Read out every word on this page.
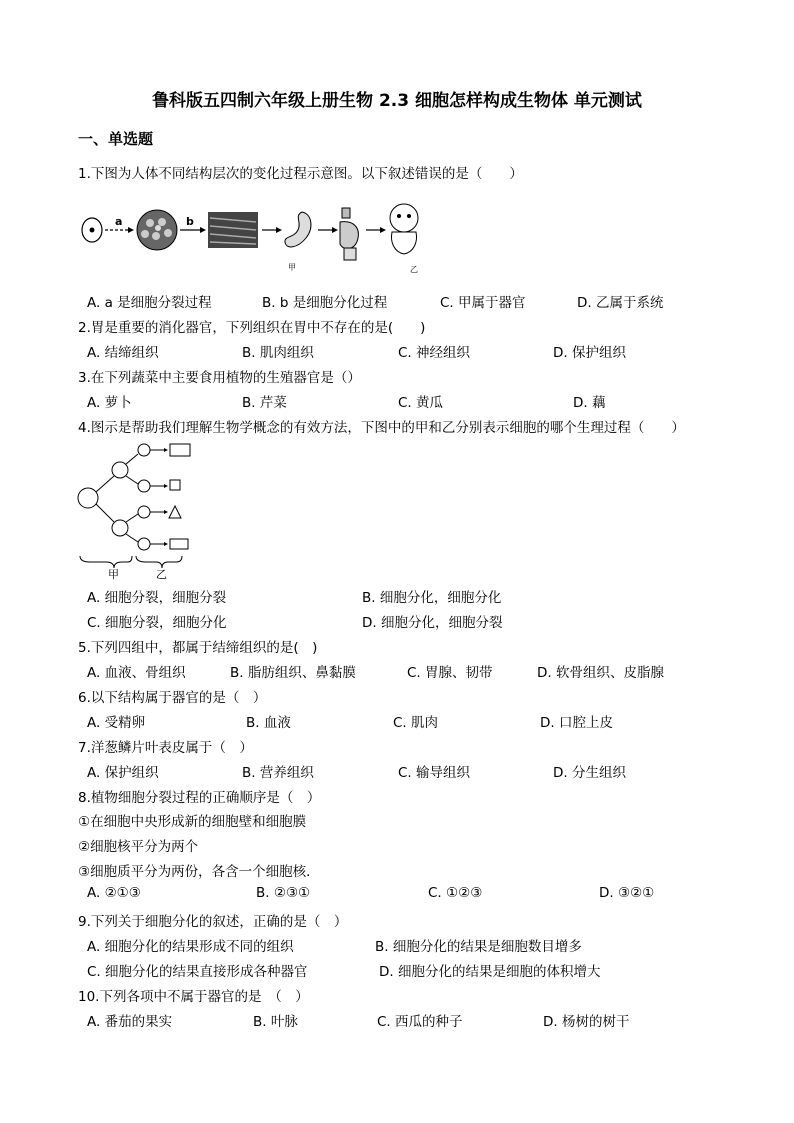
鲁科版五四制六年级上册生物 2.3 细胞怎样构成生物体 单元测试
一、单选题
1.下图为人体不同结构层次的变化过程示意图。以下叙述错误的是（　　）
a	b
甲	乙
A. a 是细胞分裂过程	B. b 是细胞分化过程	C. 甲属于器官	D. 乙属于系统
2.胃是重要的消化器官，下列组织在胃中不存在的是(　　)
A. 结缔组织	B. 肌肉组织	C. 神经组织	D. 保护组织
3.在下列蔬菜中主要食用植物的生殖器官是（）
A. 萝卜	B. 芹菜	C. 黄瓜	D. 藕
4.图示是帮助我们理解生物学概念的有效方法，下图中的甲和乙分别表示细胞的哪个生理过程（　　）
甲	乙
A. 细胞分裂，细胞分裂	B. 细胞分化，细胞分化
C. 细胞分裂，细胞分化	D. 细胞分化，细胞分裂
5.下列四组中，都属于结缔组织的是(　)
A. 血液、骨组织	B. 脂肪组织、鼻黏膜	C. 胃腺、韧带	D. 软骨组织、皮脂腺
6.以下结构属于器官的是（　）
A. 受精卵	B. 血液	C. 肌肉	D. 口腔上皮
7.洋葱鳞片叶表皮属于（　）
A. 保护组织	B. 营养组织	C. 输导组织	D. 分生组织
8.植物细胞分裂过程的正确顺序是（　）
①在细胞中央形成新的细胞壁和细胞膜
②细胞核平分为两个
③细胞质平分为两份，各含一个细胞核．
A. ②①③	B. ②③①	C. ①②③	D. ③②①
9.下列关于细胞分化的叙述，正确的是（　）
A. 细胞分化的结果形成不同的组织	B. 细胞分化的结果是细胞数目增多
C. 细胞分化的结果直接形成各种器官	D. 细胞分化的结果是细胞的体积增大
10.下列各项中不属于器官的是　（　）
A. 番茄的果实	B. 叶脉	C. 西瓜的种子	D. 杨树的树干
